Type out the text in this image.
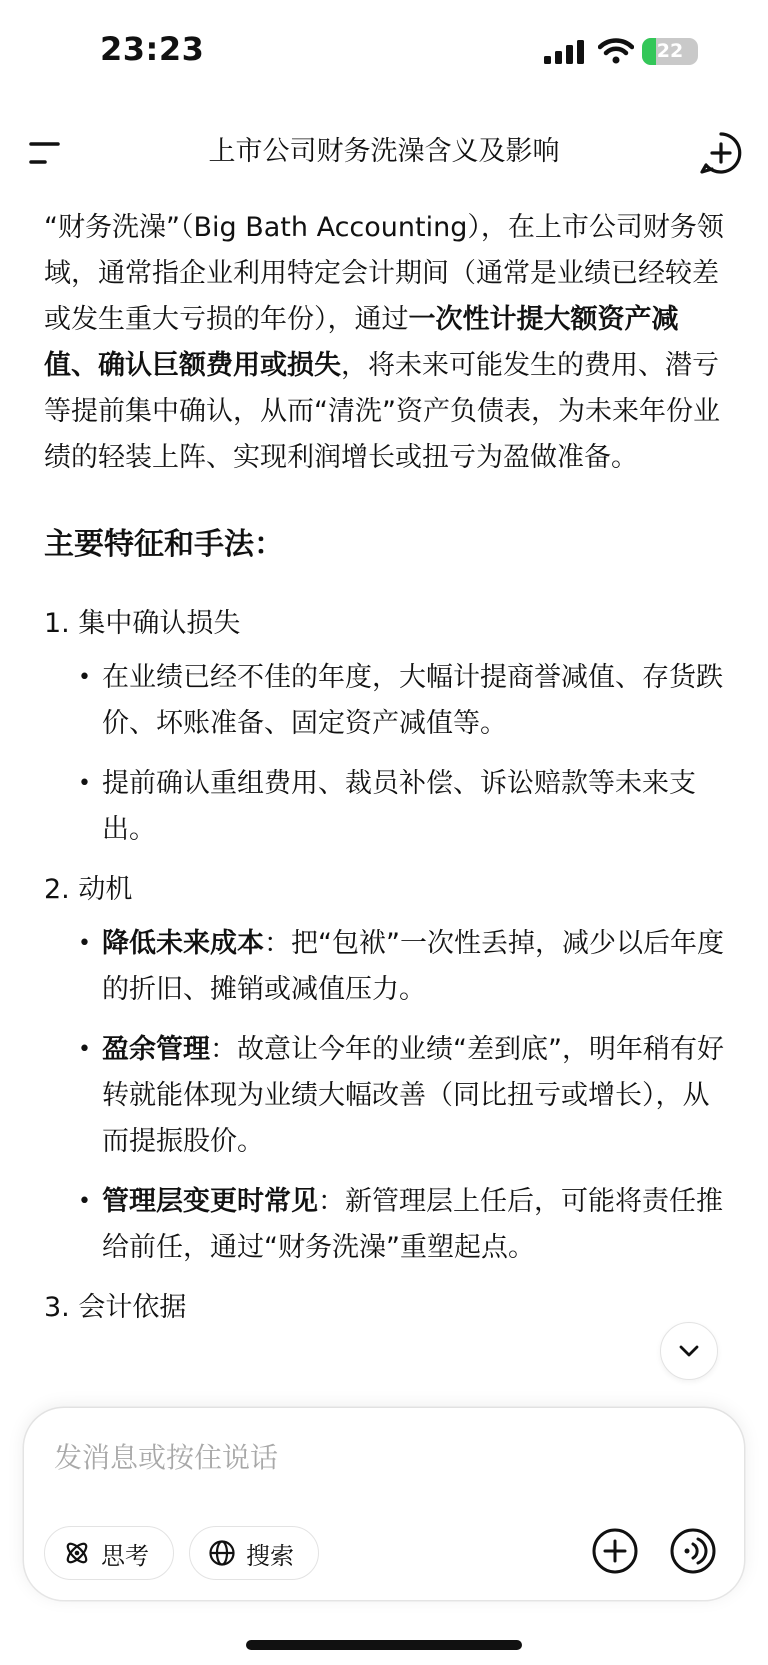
23:23	22
上市公司财务洗澡含义及影响

“财务洗澡”（Big Bath Accounting），在上市公司财务领域，通常指企业利用特定会计期间（通常是业绩已经较差或发生重大亏损的年份），通过一次性计提大额资产减值、确认巨额费用或损失，将未来可能发生的费用、潜亏等提前集中确认，从而“清洗”资产负债表，为未来年份业绩的轻装上阵、实现利润增长或扭亏为盈做准备。

主要特征和手法：
1. 集中确认损失
• 在业绩已经不佳的年度，大幅计提商誉减值、存货跌价、坏账准备、固定资产减值等。
• 提前确认重组费用、裁员补偿、诉讼赔款等未来支出。
2. 动机
• 降低未来成本：把“包袱”一次性丢掉，减少以后年度的折旧、摊销或减值压力。
• 盈余管理：故意让今年的业绩“差到底”，明年稍有好转就能体现为业绩大幅改善（同比扭亏或增长），从而提振股价。
• 管理层变更时常见：新管理层上任后，可能将责任推给前任，通过“财务洗澡”重塑起点。
3. 会计依据
发消息或按住说话
思考	搜索
